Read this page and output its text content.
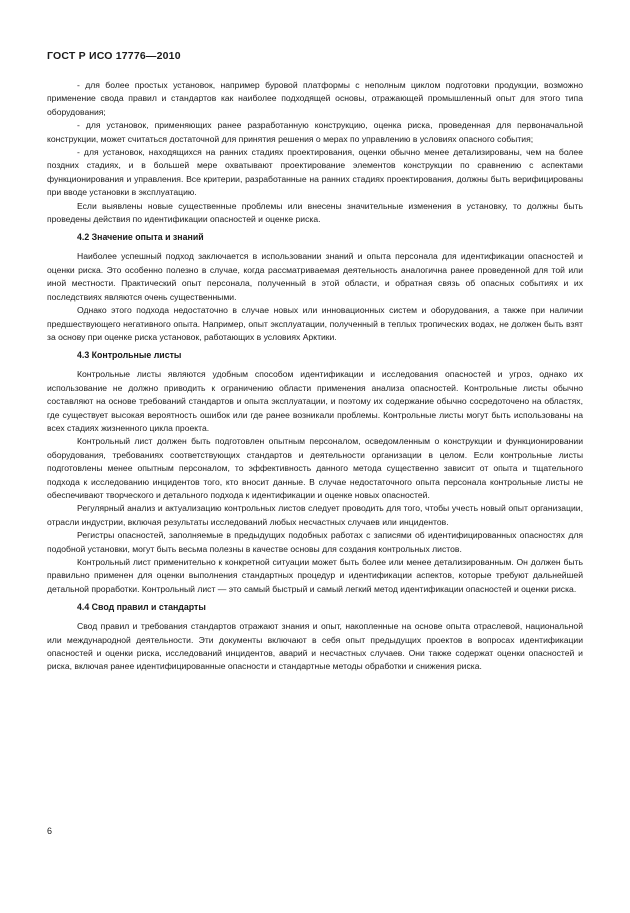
ГОСТ Р ИСО 17776—2010

- для более простых установок, например буровой платформы с неполным циклом подготовки продукции, возможно применение свода правил и стандартов как наиболее подходящей основы, отражающей промышленный опыт для этого типа оборудования;

- для установок, применяющих ранее разработанную конструкцию, оценка риска, проведенная для первоначальной конструкции, может считаться достаточной для принятия решения о мерах по управлению в условиях опасного события;

- для установок, находящихся на ранних стадиях проектирования, оценки обычно менее детализированы, чем на более поздних стадиях, и в большей мере охватывают проектирование элементов конструкции по сравнению с аспектами функционирования и управления. Все критерии, разработанные на ранних стадиях проектирования, должны быть верифицированы при вводе установки в эксплуатацию.

Если выявлены новые существенные проблемы или внесены значительные изменения в установку, то должны быть проведены действия по идентификации опасностей и оценке риска.

4.2 Значение опыта и знаний

Наиболее успешный подход заключается в использовании знаний и опыта персонала для идентификации опасностей и оценки риска. Это особенно полезно в случае, когда рассматриваемая деятельность аналогична ранее проведенной для той или иной местности. Практический опыт персонала, полученный в этой области, и обратная связь об опасных событиях и их последствиях являются очень существенными.

Однако этого подхода недостаточно в случае новых или инновационных систем и оборудования, а также при наличии предшествующего негативного опыта. Например, опыт эксплуатации, полученный в теплых тропических водах, не должен быть взят за основу при оценке риска установок, работающих в условиях Арктики.

4.3 Контрольные листы

Контрольные листы являются удобным способом идентификации и исследования опасностей и угроз, однако их использование не должно приводить к ограничению области применения анализа опасностей. Контрольные листы обычно составляют на основе требований стандартов и опыта эксплуатации, и поэтому их содержание обычно сосредоточено на областях, где существует высокая вероятность ошибок или где ранее возникали проблемы. Контрольные листы могут быть использованы на всех стадиях жизненного цикла проекта.

Контрольный лист должен быть подготовлен опытным персоналом, осведомленным о конструкции и функционировании оборудования, требованиях соответствующих стандартов и деятельности организации в целом. Если контрольные листы подготовлены менее опытным персоналом, то эффективность данного метода существенно зависит от опыта и тщательного подхода к исследованию инцидентов того, кто вносит данные. В случае недостаточного опыта персонала контрольные листы не обеспечивают творческого и детального подхода к идентификации и оценке новых опасностей.

Регулярный анализ и актуализацию контрольных листов следует проводить для того, чтобы учесть новый опыт организации, отрасли индустрии, включая результаты исследований любых несчастных случаев или инцидентов.

Регистры опасностей, заполняемые в предыдущих подобных работах с записями об идентифицированных опасностях для подобной установки, могут быть весьма полезны в качестве основы для создания контрольных листов.

Контрольный лист применительно к конкретной ситуации может быть более или менее детализированным. Он должен быть правильно применен для оценки выполнения стандартных процедур и идентификации аспектов, которые требуют дальнейшей детальной проработки. Контрольный лист — это самый быстрый и самый легкий метод идентификации опасностей и оценки риска.

4.4 Свод правил и стандарты

Свод правил и требования стандартов отражают знания и опыт, накопленные на основе опыта отраслевой, национальной или международной деятельности. Эти документы включают в себя опыт предыдущих проектов в вопросах идентификации опасностей и оценки риска, исследований инцидентов, аварий и несчастных случаев. Они также содержат оценки опасностей и риска, включая ранее идентифицированные опасности и стандартные методы обработки и снижения риска.

6
